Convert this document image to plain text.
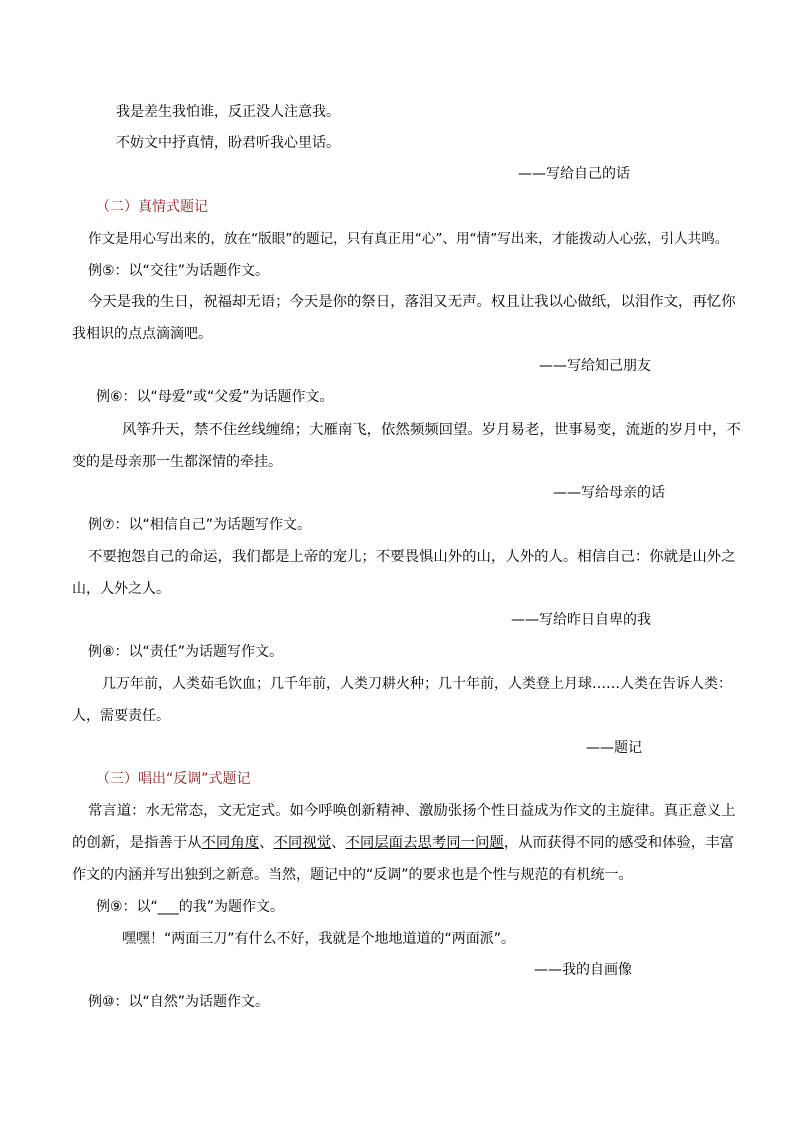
我是差生我怕谁，反正没人注意我。
不妨文中抒真情，盼君听我心里话。
——写给自己的话
（二）真情式题记
作文是用心写出来的，放在“版眼”的题记，只有真正用“心”、用“情”写出来，才能拨动人心弦，引人共鸣。
例⑤：以“交往”为话题作文。
今天是我的生日，祝福却无语；今天是你的祭日，落泪又无声。权且让我以心做纸，以泪作文，再忆你
我相识的点点滴滴吧。
——写给知己朋友
例⑥：以“母爱”或“父爱”为话题作文。
风筝升天，禁不住丝线缠绵；大雁南飞，依然频频回望。岁月易老，世事易变，流逝的岁月中，不
变的是母亲那一生都深情的牵挂。
——写给母亲的话
例⑦：以“相信自己”为话题写作文。
不要抱怨自己的命运，我们都是上帝的宠儿；不要畏惧山外的山，人外的人。相信自己：你就是山外之
山，人外之人。
——写给昨日自卑的我
例⑧：以“责任”为话题写作文。
几万年前，人类茹毛饮血；几千年前，人类刀耕火种；几十年前，人类登上月球……人类在告诉人类：
人，需要责任。
——题记
（三）唱出“反调”式题记
常言道：水无常态，文无定式。如今呼唤创新精神、激励张扬个性日益成为作文的主旋律。真正意义上
的创新，是指善于从不同角度、不同视觉、不同层面去思考同一问题，从而获得不同的感受和体验，丰富
作文的内涵并写出独到之新意。当然，题记中的“反调”的要求也是个性与规范的有机统一。
例⑨：以“___的我”为题作文。
嘿嘿！“两面三刀”有什么不好，我就是个地地道道的“两面派”。
——我的自画像
例⑩：以“自然”为话题作文。
